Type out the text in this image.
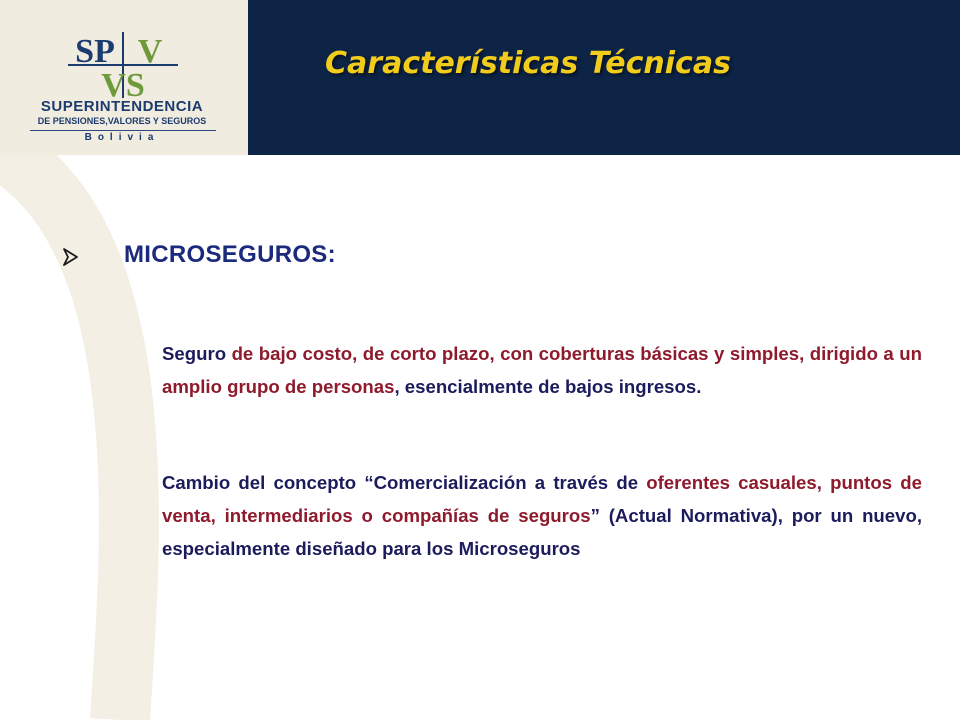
SP V
VS

SUPERINTENDENCIA

DE PENSIONES,VALORES Y SEGUROS

Bolivia

Características Técnicas
MICROSEGUROS:

Seguro de bajo costo, de corto plazo, con coberturas básicas y simples, dirigido a un amplio grupo de personas, esencialmente de bajos ingresos.

Cambio del concepto “Comercialización a través de oferentes casuales, puntos de venta, intermediarios o compañías de seguros” (Actual Normativa), por un nuevo, especialmente diseñado para los Microseguros
